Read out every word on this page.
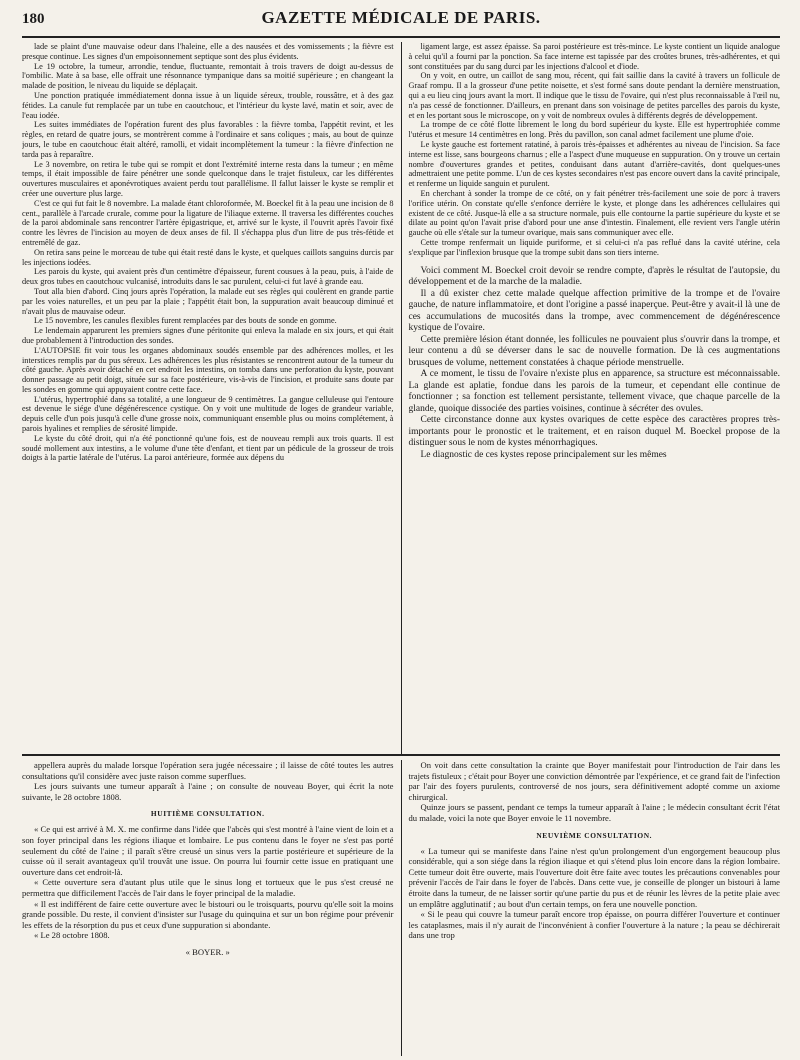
180	GAZETTE MÉDICALE DE PARIS.

lade se plaint d'une mauvaise odeur dans l'haleine, elle a des nausées et des vomissements ; la fièvre est presque continue. Les signes d'un empoisonnement septique sont des plus évidents.

Le 19 octobre, la tumeur, arrondie, tendue, fluctuante, remontait à trois travers de doigt au-dessus de l'ombilic. Mate à sa base, elle offrait une résonnance tympanique dans sa moitié supérieure ; en changeant la malade de position, le niveau du liquide se déplaçait.

Une ponction pratiquée immédiatement donna issue à un liquide séreux, trouble, roussâtre, et à des gaz fétides. La canule fut remplacée par un tube en caoutchouc, et l'intérieur du kyste lavé, matin et soir, avec de l'eau iodée.

Les suites immédiates de l'opération furent des plus favorables : la fièvre tomba, l'appétit revint, et les règles, en retard de quatre jours, se montrèrent comme à l'ordinaire et sans coliques ; mais, au bout de quinze jours, le tube en caoutchouc était altéré, ramolli, et vidait incomplètement la tumeur : la fièvre d'infection ne tarda pas à reparaître.

Le 3 novembre, on retira le tube qui se rompit et dont l'extrémité interne resta dans la tumeur ; en même temps, il était impossible de faire pénétrer une sonde quelconque dans le trajet fistuleux, car les différentes ouvertures musculaires et aponévrotiques avaient perdu tout parallélisme. Il fallut laisser le kyste se remplir et créer une ouverture plus large.

C'est ce qui fut fait le 8 novembre. La malade étant chloroformée, M. Boeckel fit à la peau une incision de 8 cent., parallèle à l'arcade crurale, comme pour la ligature de l'iliaque externe. Il traversa les différentes couches de la paroi abdominale sans rencontrer l'artère épigastrique, et, arrivé sur le kyste, il l'ouvrit après l'avoir fixé contre les lèvres de l'incision au moyen de deux anses de fil. Il s'échappa plus d'un litre de pus très-fétide et entremêlé de gaz.

On retira sans peine le morceau de tube qui était resté dans le kyste, et quelques caillots sanguins durcis par les injections iodées.

Les parois du kyste, qui avaient près d'un centimètre d'épaisseur, furent cousues à la peau, puis, à l'aide de deux gros tubes en caoutchouc vulcanisé, introduits dans le sac purulent, celui-ci fut lavé à grande eau.

Tout alla bien d'abord. Cinq jours après l'opération, la malade eut ses règles qui coulèrent en grande partie par les voies naturelles, et un peu par la plaie ; l'appétit était bon, la suppuration avait beaucoup diminué et n'avait plus de mauvaise odeur.

Le 15 novembre, les canules flexibles furent remplacées par des bouts de sonde en gomme.

Le lendemain apparurent les premiers signes d'une péritonite qui enleva la malade en six jours, et qui était due probablement à l'introduction des sondes.

L'AUTOPSIE fit voir tous les organes abdominaux soudés ensemble par des adhérences molles, et les interstices remplis par du pus séreux. Les adhérences les plus résistantes se rencontrent autour de la tumeur du côté gauche. Après avoir détaché en cet endroit les intestins, on tomba dans une perforation du kyste, pouvant donner passage au petit doigt, située sur sa face postérieure, vis-à-vis de l'incision, et produite sans doute par les sondes en gomme qui appuyaient contre cette face.

L'utérus, hypertrophié dans sa totalité, a une longueur de 9 centimètres. La gangue celluleuse qui l'entoure est devenue le siége d'une dégénérescence cystique. On y voit une multitude de loges de grandeur variable, depuis celle d'un pois jusqu'à celle d'une grosse noix, communiquant ensemble plus ou moins complétement, à parois hyalines et remplies de sérosité limpide.

Le kyste du côté droit, qui n'a été ponctionné qu'une fois, est de nouveau rempli aux trois quarts. Il est soudé mollement aux intestins, a le volume d'une tête d'enfant, et tient par un pédicule de la grosseur de trois doigts à la partie latérale de l'utérus. La paroi antérieure, formée aux dépens du

ligament large, est assez épaisse. Sa paroi postérieure est très-mince. Le kyste contient un liquide analogue à celui qu'il a fourni par la ponction. Sa face interne est tapissée par des croûtes brunes, très-adhérentes, et qui sont constituées par du sang durci par les injections d'alcool et d'iode.

On y voit, en outre, un caillot de sang mou, récent, qui fait saillie dans la cavité à travers un follicule de Graaf rompu. Il a la grosseur d'une petite noisette, et s'est formé sans doute pendant la dernière menstruation, qui a eu lieu cinq jours avant la mort. Il indique que le tissu de l'ovaire, qui n'est plus reconnaissable à l'œil nu, n'a pas cessé de fonctionner. D'ailleurs, en prenant dans son voisinage de petites parcelles des parois du kyste, et en les portant sous le microscope, on y voit de nombreux ovules à différents degrés de développement.

La trompe de ce côté flotte librement le long du bord supérieur du kyste. Elle est hypertrophiée comme l'utérus et mesure 14 centimètres en long. Près du pavillon, son canal admet facilement une plume d'oie.

Le kyste gauche est fortement ratatiné, à parois très-épaisses et adhérentes au niveau de l'incision. Sa face interne est lisse, sans bourgeons charnus ; elle a l'aspect d'une muqueuse en suppuration. On y trouve un certain nombre d'ouvertures grandes et petites, conduisant dans autant d'arrière-cavités, dont quelques-unes admettraient une petite pomme. L'un de ces kystes secondaires n'est pas encore ouvert dans la cavité principale, et renferme un liquide sanguin et purulent.

En cherchant à sonder la trompe de ce côté, on y fait pénétrer très-facilement une soie de porc à travers l'orifice utérin. On constate qu'elle s'enfonce derrière le kyste, et plonge dans les adhérences cellulaires qui existent de ce côté. Jusque-là elle a sa structure normale, puis elle contourne la partie supérieure du kyste et se dilate au point qu'on l'avait prise d'abord pour une anse d'intestin. Finalement, elle revient vers l'angle utérin gauche où elle s'étale sur la tumeur ovarique, mais sans communiquer avec elle.

Cette trompe renfermait un liquide puriforme, et si celui-ci n'a pas reflué dans la cavité utérine, cela s'explique par l'inflexion brusque que la trompe subit dans son tiers interne.

Voici comment M. Boeckel croit devoir se rendre compte, d'après le résultat de l'autopsie, du développement et de la marche de la maladie.

Il a dû exister chez cette malade quelque affection primitive de la trompe et de l'ovaire gauche, de nature inflammatoire, et dont l'origine a passé inaperçue. Peut-être y avait-il là une de ces accumulations de mucosités dans la trompe, avec commencement de dégénérescence kystique de l'ovaire.

Cette première lésion étant donnée, les follicules ne pouvaient plus s'ouvrir dans la trompe, et leur contenu a dû se déverser dans le sac de nouvelle formation. De là ces augmentations brusques de volume, nettement constatées à chaque période menstruelle.

A ce moment, le tissu de l'ovaire n'existe plus en apparence, sa structure est méconnaissable. La glande est aplatie, fondue dans les parois de la tumeur, et cependant elle continue de fonctionner ; sa fonction est tellement persistante, tellement vivace, que chaque parcelle de la glande, quoique dissociée des parties voisines, continue à sécréter des ovules.

Cette circonstance donne aux kystes ovariques de cette espèce des caractères propres très-importants pour le pronostic et le traitement, et en raison duquel M. Boeckel propose de la distinguer sous le nom de kystes ménorrhagiques.

Le diagnostic de ces kystes repose principalement sur les mêmes

appellera auprès du malade lorsque l'opération sera jugée nécessaire ; il laisse de côté toutes les autres consultations qu'il considère avec juste raison comme superflues.

Les jours suivants une tumeur apparaît à l'aine ; on consulte de nouveau Boyer, qui écrit la note suivante, le 28 octobre 1808.

HUITIÈME CONSULTATION.

« Ce qui est arrivé à M. X. me confirme dans l'idée que l'abcès qui s'est montré à l'aine vient de loin et a son foyer principal dans les régions iliaque et lombaire. Le pus contenu dans le foyer ne s'est pas porté seulement du côté de l'aine ; il paraît s'être creusé un sinus vers la partie postérieure et supérieure de la cuisse où il serait avantageux qu'il trouvât une issue. On pourra lui fournir cette issue en pratiquant une ouverture dans cet endroit-là.

« Cette ouverture sera d'autant plus utile que le sinus long et tortueux que le pus s'est creusé ne permettra que difficilement l'accès de l'air dans le foyer principal de la maladie.

« Il est indifférent de faire cette ouverture avec le bistouri ou le troisquarts, pourvu qu'elle soit la moins grande possible. Du reste, il convient d'insister sur l'usage du quinquina et sur un bon régime pour prévenir les effets de la résorption du pus et ceux d'une suppuration si abondante.

« Le 28 octobre 1808.

« BOYER. »

On voit dans cette consultation la crainte que Boyer manifestait pour l'introduction de l'air dans les trajets fistuleux ; c'était pour Boyer une conviction démontrée par l'expérience, et ce grand fait de l'infection par l'air des foyers purulents, controversé de nos jours, sera définitivement adopté comme un axiome chirurgical.

Quinze jours se passent, pendant ce temps la tumeur apparaît à l'aine ; le médecin consultant écrit l'état du malade, voici la note que Boyer envoie le 11 novembre.

NEUVIÈME CONSULTATION.

« La tumeur qui se manifeste dans l'aine n'est qu'un prolongement d'un engorgement beaucoup plus considérable, qui a son siége dans la région iliaque et qui s'étend plus loin encore dans la région lombaire. Cette tumeur doit être ouverte, mais l'ouverture doit être faite avec toutes les précautions convenables pour prévenir l'accès de l'air dans le foyer de l'abcès. Dans cette vue, je conseille de plonger un bistouri à lame étroite dans la tumeur, de ne laisser sortir qu'une partie du pus et de réunir les lèvres de la petite plaie avec un emplâtre agglutinatif ; au bout d'un certain temps, on fera une nouvelle ponction.

« Si le peau qui couvre la tumeur paraît encore trop épaisse, on pourra différer l'ouverture et continuer les cataplasmes, mais il n'y aurait de l'inconvénient à confier l'ouverture à la nature ; la peau se déchirerait dans une trop
